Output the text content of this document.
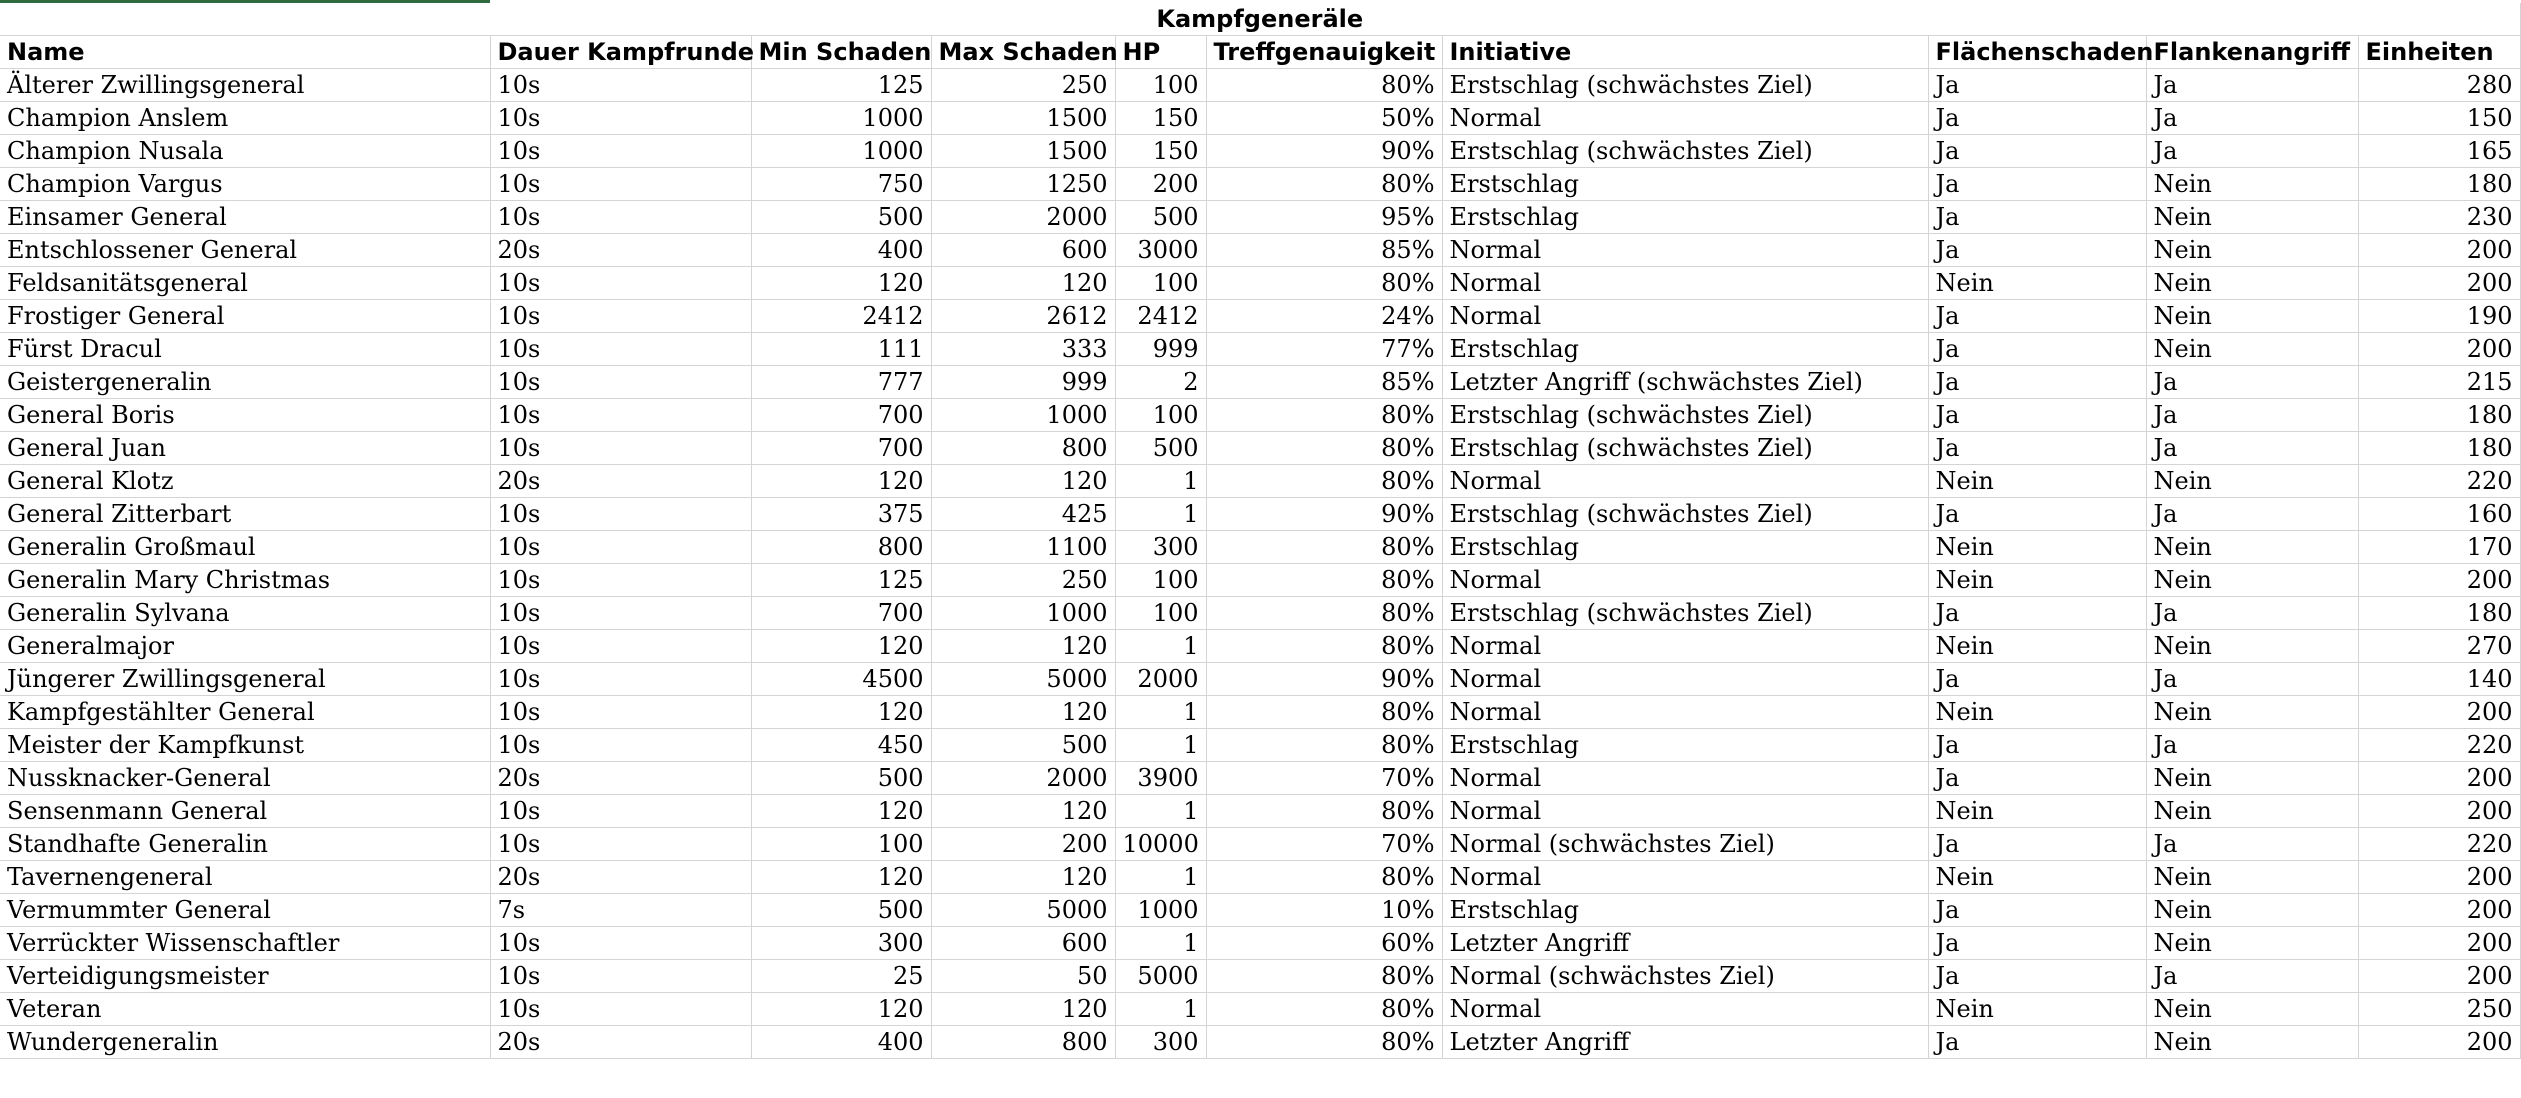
Kampfgeneräle									
Name	Dauer Kampfrunde	Min Schaden	Max Schaden	HP	Treffgenauigkeit	Initiative	Flächenschaden	Flankenangriff	Einheiten
Älterer Zwillingsgeneral	10s	125	250	100	80%	Erstschlag (schwächstes Ziel)	Ja	Ja	280
Champion Anslem	10s	1000	1500	150	50%	Normal	Ja	Ja	150
Champion Nusala	10s	1000	1500	150	90%	Erstschlag (schwächstes Ziel)	Ja	Ja	165
Champion Vargus	10s	750	1250	200	80%	Erstschlag	Ja	Nein	180
Einsamer General	10s	500	2000	500	95%	Erstschlag	Ja	Nein	230
Entschlossener General	20s	400	600	3000	85%	Normal	Ja	Nein	200
Feldsanitätsgeneral	10s	120	120	100	80%	Normal	Nein	Nein	200
Frostiger General	10s	2412	2612	2412	24%	Normal	Ja	Nein	190
Fürst Dracul	10s	111	333	999	77%	Erstschlag	Ja	Nein	200
Geistergeneralin	10s	777	999	2	85%	Letzter Angriff (schwächstes Ziel)	Ja	Ja	215
General Boris	10s	700	1000	100	80%	Erstschlag (schwächstes Ziel)	Ja	Ja	180
General Juan	10s	700	800	500	80%	Erstschlag (schwächstes Ziel)	Ja	Ja	180
General Klotz	20s	120	120	1	80%	Normal	Nein	Nein	220
General Zitterbart	10s	375	425	1	90%	Erstschlag (schwächstes Ziel)	Ja	Ja	160
Generalin Großmaul	10s	800	1100	300	80%	Erstschlag	Nein	Nein	170
Generalin Mary Christmas	10s	125	250	100	80%	Normal	Nein	Nein	200
Generalin Sylvana	10s	700	1000	100	80%	Erstschlag (schwächstes Ziel)	Ja	Ja	180
Generalmajor	10s	120	120	1	80%	Normal	Nein	Nein	270
Jüngerer Zwillingsgeneral	10s	4500	5000	2000	90%	Normal	Ja	Ja	140
Kampfgestählter General	10s	120	120	1	80%	Normal	Nein	Nein	200
Meister der Kampfkunst	10s	450	500	1	80%	Erstschlag	Ja	Ja	220
Nussknacker-General	20s	500	2000	3900	70%	Normal	Ja	Nein	200
Sensenmann General	10s	120	120	1	80%	Normal	Nein	Nein	200
Standhafte Generalin	10s	100	200	10000	70%	Normal (schwächstes Ziel)	Ja	Ja	220
Tavernengeneral	20s	120	120	1	80%	Normal	Nein	Nein	200
Vermummter General	7s	500	5000	1000	10%	Erstschlag	Ja	Nein	200
Verrückter Wissenschaftler	10s	300	600	1	60%	Letzter Angriff	Ja	Nein	200
Verteidigungsmeister	10s	25	50	5000	80%	Normal (schwächstes Ziel)	Ja	Ja	200
Veteran	10s	120	120	1	80%	Normal	Nein	Nein	250
Wundergeneralin	20s	400	800	300	80%	Letzter Angriff	Ja	Nein	200
